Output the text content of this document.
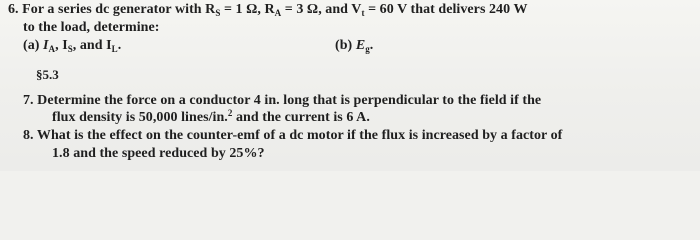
6. For a series dc generator with $R_S = 1$ Ω, $R_A = 3$ Ω, and $V_t = 60$ V that delivers 240 W
to the load, determine:
(a) $I_A$, $I_S$, and $I_L$.	(b) $E_g$.
§5.3
7. Determine the force on a conductor 4 in. long that is perpendicular to the field if the
flux density is 50,000 lines/in.$^2$ and the current is 6 A.
8. What is the effect on the counter-emf of a dc motor if the flux is increased by a factor of
1.8 and the speed reduced by 25%?
